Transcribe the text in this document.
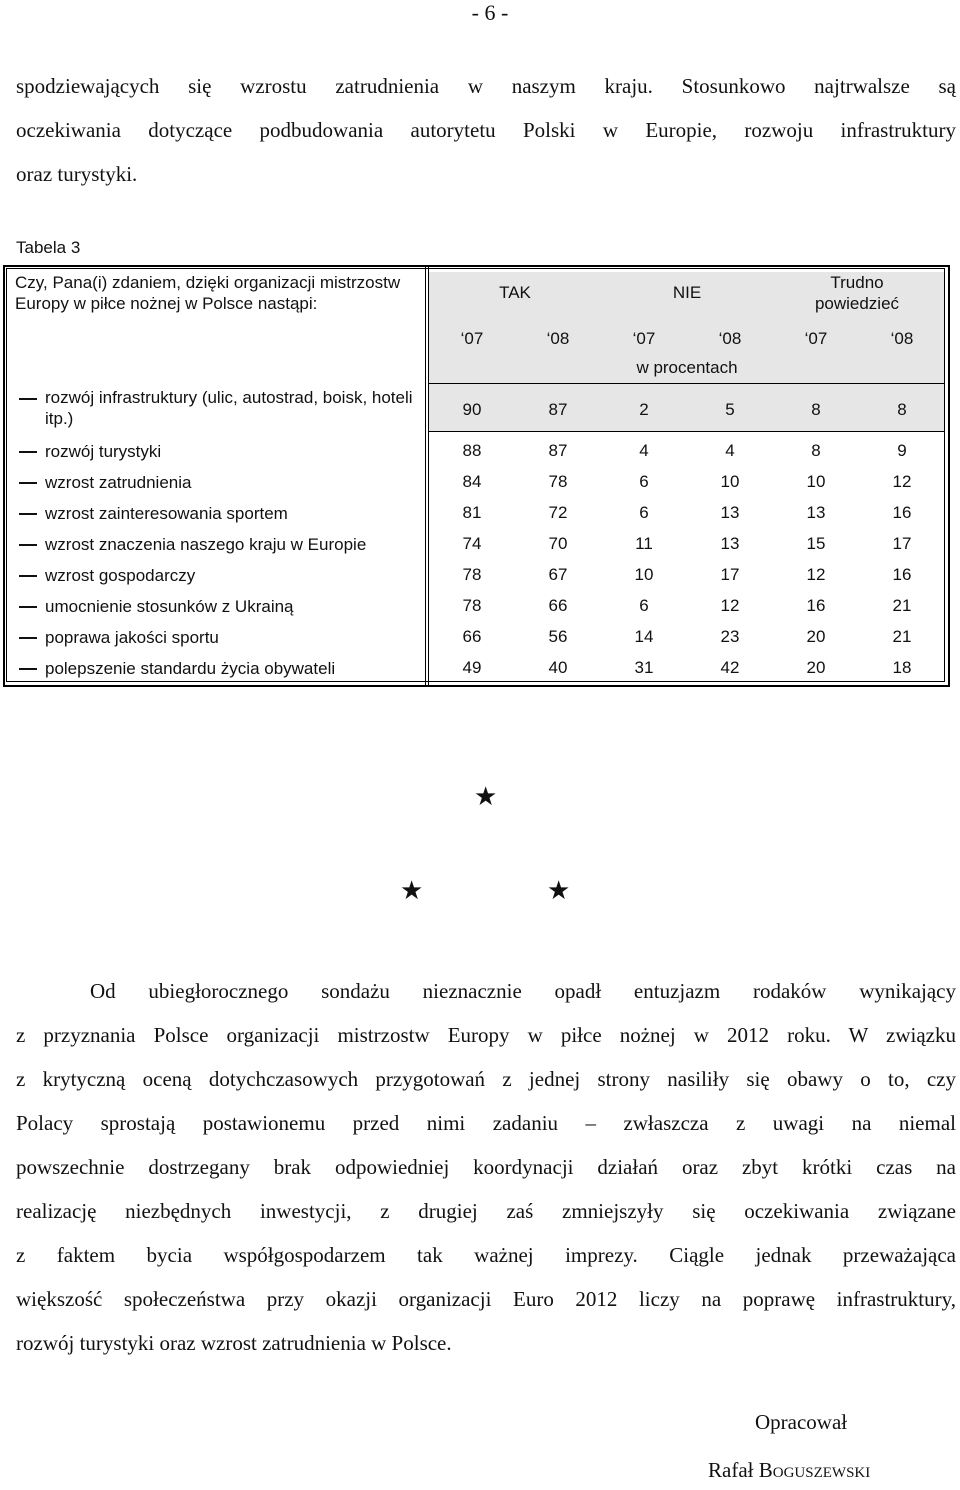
- 6 -

spodziewających się wzrostu zatrudnienia w naszym kraju. Stosunkowo najtrwalsze są

oczekiwania dotyczące podbudowania autorytetu Polski w Europie, rozwoju infrastruktury

oraz turystyki.

Tabela 3
Czy, Pana(i) zdaniem, dzięki organizacji mistrzostw Europy w piłce nożnej w Polsce nastąpi:
TAK	NIE
Trudno powiedzieć
‘07	‘08	‘07	‘08	‘07	‘08
w procentach
rozwój infrastruktury (ulic, autostrad, boisk, hoteli itp.)	90	87	2	5	8	8
rozwój turystyki	88	87	4	4	8	9
wzrost zatrudnienia	84	78	6	10	10	12
wzrost zainteresowania sportem	81	72	6	13	13	16
wzrost znaczenia naszego kraju w Europie	74	70	11	13	15	17
wzrost gospodarczy	78	67	10	17	12	16
umocnienie stosunków z Ukrainą	78	66	6	12	16	21
poprawa jakości sportu	66	56	14	23	20	21
polepszenie standardu życia obywateli	49	40	31	42	20	18
★
★	★

Od ubiegłorocznego sondażu nieznacznie opadł entuzjazm rodaków wynikający

z przyznania Polsce organizacji mistrzostw Europy w piłce nożnej w 2012 roku. W związku

z krytyczną oceną dotychczasowych przygotowań z jednej strony nasiliły się obawy o to, czy

Polacy sprostają postawionemu przed nimi zadaniu – zwłaszcza z uwagi na niemal

powszechnie dostrzegany brak odpowiedniej koordynacji działań oraz zbyt krótki czas na

realizację niezbędnych inwestycji, z drugiej zaś zmniejszyły się oczekiwania związane

z faktem bycia współgospodarzem tak ważnej imprezy. Ciągle jednak przeważająca

większość społeczeństwa przy okazji organizacji Euro 2012 liczy na poprawę infrastruktury,

rozwój turystyki oraz wzrost zatrudnienia w Polsce.

Opracował
Rafał Boguszewski
